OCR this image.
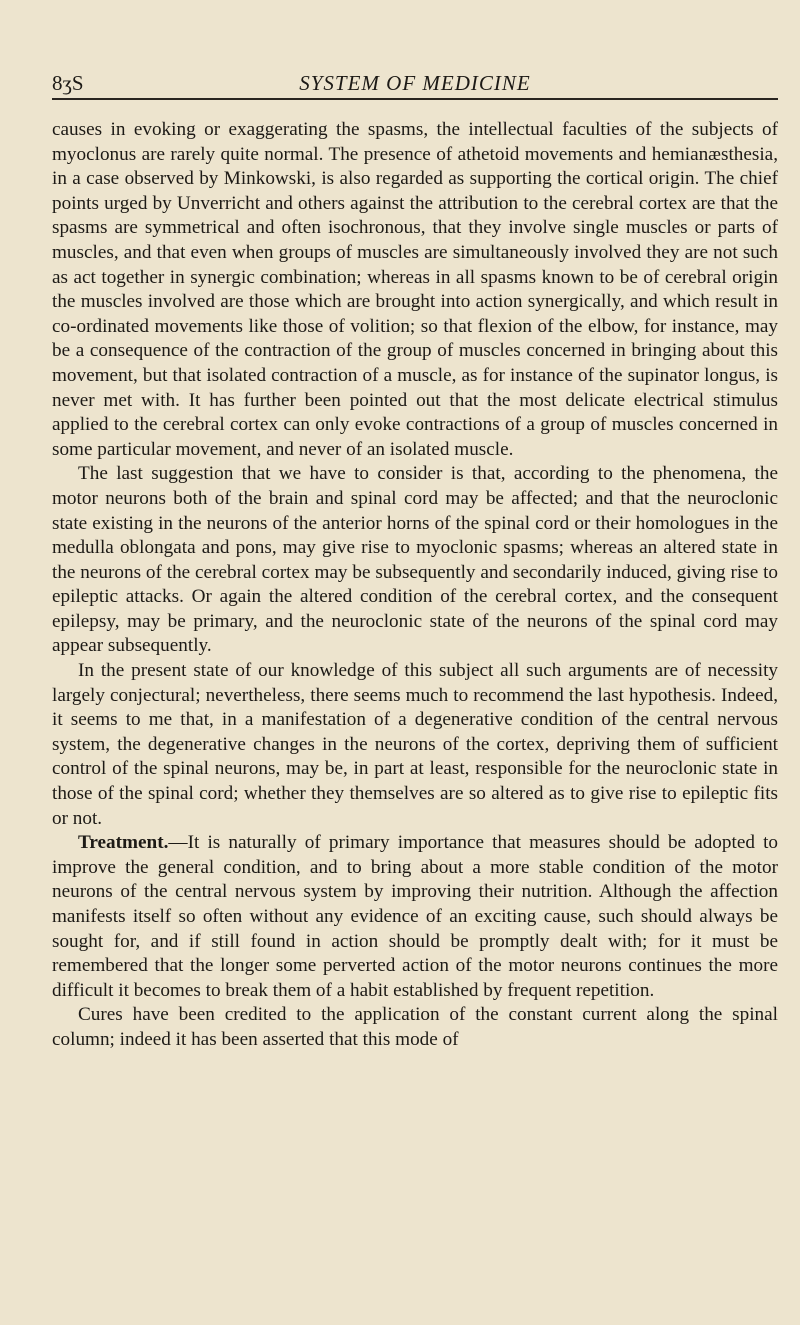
8ʒS	SYSTEM OF MEDICINE

causes in evoking or exaggerating the spasms, the intellectual faculties of the subjects of myoclonus are rarely quite normal. The presence of athetoid movements and hemianæsthesia, in a case observed by Minkowski, is also regarded as supporting the cortical origin. The chief points urged by Unverricht and others against the attribution to the cerebral cortex are that the spasms are symmetrical and often isochronous, that they involve single muscles or parts of muscles, and that even when groups of muscles are simultaneously involved they are not such as act together in synergic combination; whereas in all spasms known to be of cerebral origin the muscles involved are those which are brought into action synergically, and which result in co-ordinated movements like those of volition; so that flexion of the elbow, for instance, may be a consequence of the contraction of the group of muscles concerned in bringing about this movement, but that isolated contraction of a muscle, as for instance of the supinator longus, is never met with. It has further been pointed out that the most delicate electrical stimulus applied to the cerebral cortex can only evoke contractions of a group of muscles concerned in some particular movement, and never of an isolated muscle.

The last suggestion that we have to consider is that, according to the phenomena, the motor neurons both of the brain and spinal cord may be affected; and that the neuroclonic state existing in the neurons of the anterior horns of the spinal cord or their homologues in the medulla oblongata and pons, may give rise to myoclonic spasms; whereas an altered state in the neurons of the cerebral cortex may be subsequently and secondarily induced, giving rise to epileptic attacks. Or again the altered condition of the cerebral cortex, and the consequent epilepsy, may be primary, and the neuroclonic state of the neurons of the spinal cord may appear subsequently.

In the present state of our knowledge of this subject all such arguments are of necessity largely conjectural; nevertheless, there seems much to recommend the last hypothesis. Indeed, it seems to me that, in a manifestation of a degenerative condition of the central nervous system, the degenerative changes in the neurons of the cortex, depriving them of sufficient control of the spinal neurons, may be, in part at least, responsible for the neuroclonic state in those of the spinal cord; whether they themselves are so altered as to give rise to epileptic fits or not.

Treatment.—It is naturally of primary importance that measures should be adopted to improve the general condition, and to bring about a more stable condition of the motor neurons of the central nervous system by improving their nutrition. Although the affection manifests itself so often without any evidence of an exciting cause, such should always be sought for, and if still found in action should be promptly dealt with; for it must be remembered that the longer some perverted action of the motor neurons continues the more difficult it becomes to break them of a habit established by frequent repetition.

Cures have been credited to the application of the constant current along the spinal column; indeed it has been asserted that this mode of
